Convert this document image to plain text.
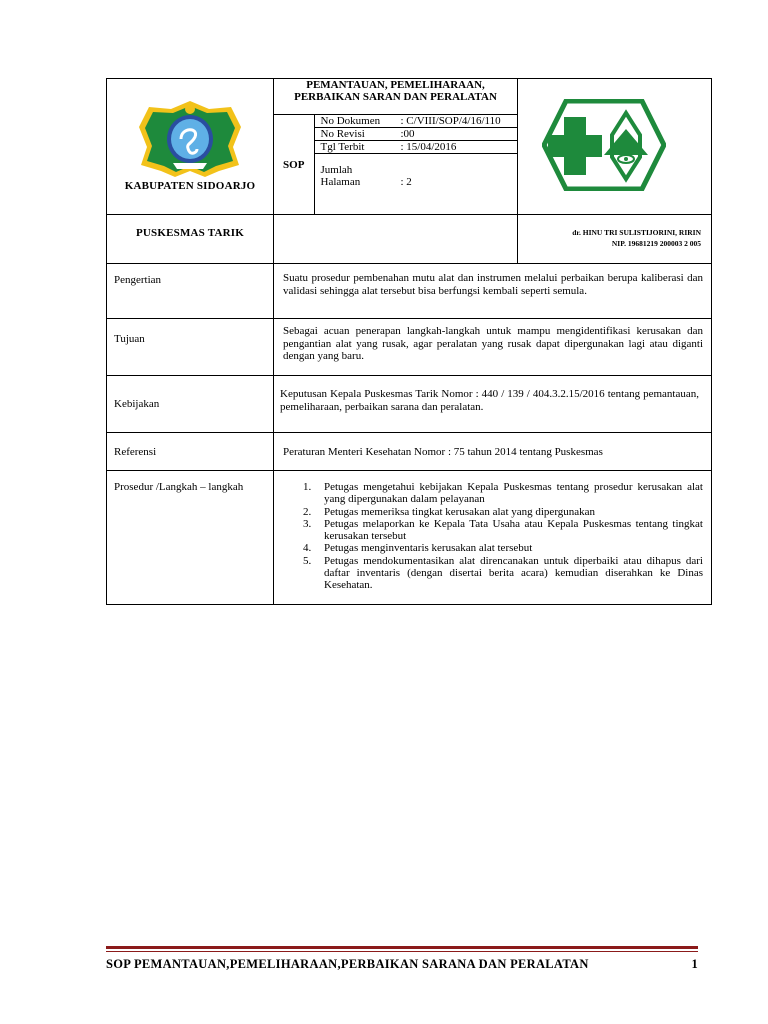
KABUPATEN SIDOARJO

PEMANTAUAN, PEMELIHARAAN, PERBAIKAN SARAN DAN PERALATAN
SOP	No Dokumen : C/VIII/SOP/4/16/110
No Revisi	:00
Tgl Terbit	: 15/04/2016

Jumlah
Halaman	: 2

PUSKESMAS TARIK		dr. HINU TRI SULISTIJORINI, RIRIN
NIP. 19681219 200003 2 005

Pengertian	Suatu prosedur pembenahan mutu alat dan instrumen melalui perbaikan berupa kaliberasi dan validasi sehingga alat tersebut bisa berfungsi kembali seperti semula.
Tujuan	Sebagai acuan penerapan langkah-langkah untuk mampu mengidentifikasi kerusakan dan pengantian alat yang rusak, agar peralatan yang rusak dapat dipergunakan lagi atau diganti dengan yang baru.
Kebijakan	Keputusan Kepala Puskesmas Tarik Nomor : 440 / 139 / 404.3.2.15/2016 tentang pemantauan, pemeliharaan, perbaikan sarana dan peralatan.
Referensi	Peraturan Menteri Kesehatan Nomor : 75 tahun 2014 tentang Puskesmas
Prosedur /Langkah – langkah	1. Petugas mengetahui kebijakan Kepala Puskesmas tentang prosedur kerusakan alat yang dipergunakan dalam pelayanan
2. Petugas memeriksa tingkat kerusakan alat yang dipergunakan
3. Petugas melaporkan ke Kepala Tata Usaha atau Kepala Puskesmas tentang tingkat kerusakan tersebut
4. Petugas menginventaris kerusakan alat tersebut
5. Petugas mendokumentasikan alat direncanakan untuk diperbaiki atau dihapus dari daftar inventaris (dengan disertai berita acara) kemudian diserahkan ke Dinas Kesehatan.
SOP PEMANTAUAN,PEMELIHARAAN,PERBAIKAN SARANA DAN PERALATAN	1
